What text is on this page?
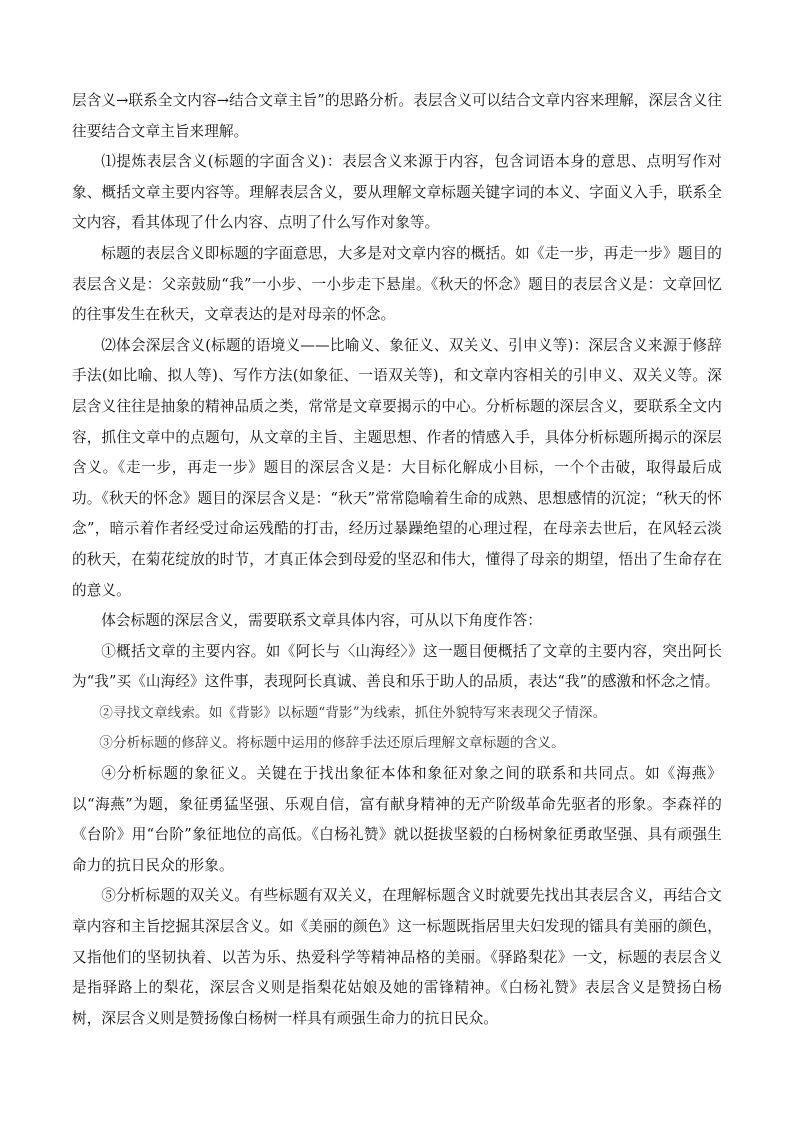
层含义→联系全文内容→结合文章主旨”的思路分析。表层含义可以结合文章内容来理解，深层含义往往要结合文章主旨来理解。

⑴提炼表层含义(标题的字面含义)：表层含义来源于内容，包含词语本身的意思、点明写作对象、概括文章主要内容等。理解表层含义，要从理解文章标题关键字词的本义、字面义入手，联系全文内容，看其体现了什么内容、点明了什么写作对象等。

标题的表层含义即标题的字面意思，大多是对文章内容的概括。如《走一步，再走一步》题目的表层含义是：父亲鼓励“我”一小步、一小步走下悬崖。《秋天的怀念》题目的表层含义是：文章回忆的往事发生在秋天，文章表达的是对母亲的怀念。

⑵体会深层含义(标题的语境义——比喻义、象征义、双关义、引申义等)：深层含义来源于修辞手法(如比喻、拟人等)、写作方法(如象征、一语双关等)，和文章内容相关的引申义、双关义等。深层含义往往是抽象的精神品质之类，常常是文章要揭示的中心。分析标题的深层含义，要联系全文内容，抓住文章中的点题句，从文章的主旨、主题思想、作者的情感入手，具体分析标题所揭示的深层含义。《走一步，再走一步》题目的深层含义是：大目标化解成小目标，一个个击破，取得最后成功。《秋天的怀念》题目的深层含义是：“秋天”常常隐喻着生命的成熟、思想感情的沉淀；“秋天的怀念”，暗示着作者经受过命运残酷的打击，经历过暴躁绝望的心理过程，在母亲去世后，在风轻云淡的秋天，在菊花绽放的时节，才真正体会到母爱的坚忍和伟大，懂得了母亲的期望，悟出了生命存在的意义。

体会标题的深层含义，需要联系文章具体内容，可从以下角度作答：

①概括文章的主要内容。如《阿长与〈山海经〉》这一题目便概括了文章的主要内容，突出阿长为“我”买《山海经》这件事，表现阿长真诚、善良和乐于助人的品质，表达“我”的感激和怀念之情。

②寻找文章线索。如《背影》以标题“背影”为线索，抓住外貌特写来表现父子情深。

③分析标题的修辞义。将标题中运用的修辞手法还原后理解文章标题的含义。

④分析标题的象征义。关键在于找出象征本体和象征对象之间的联系和共同点。如《海燕》以“海燕”为题，象征勇猛坚强、乐观自信，富有献身精神的无产阶级革命先驱者的形象。李森祥的《台阶》用“台阶”象征地位的高低。《白杨礼赞》就以挺拔坚毅的白杨树象征勇敢坚强、具有顽强生命力的抗日民众的形象。

⑤分析标题的双关义。有些标题有双关义，在理解标题含义时就要先找出其表层含义，再结合文章内容和主旨挖掘其深层含义。如《美丽的颜色》这一标题既指居里夫妇发现的镭具有美丽的颜色，又指他们的坚韧执着、以苦为乐、热爱科学等精神品格的美丽。《驿路梨花》一文，标题的表层含义是指驿路上的梨花，深层含义则是指梨花姑娘及她的雷锋精神。《白杨礼赞》表层含义是赞扬白杨树，深层含义则是赞扬像白杨树一样具有顽强生命力的抗日民众。
